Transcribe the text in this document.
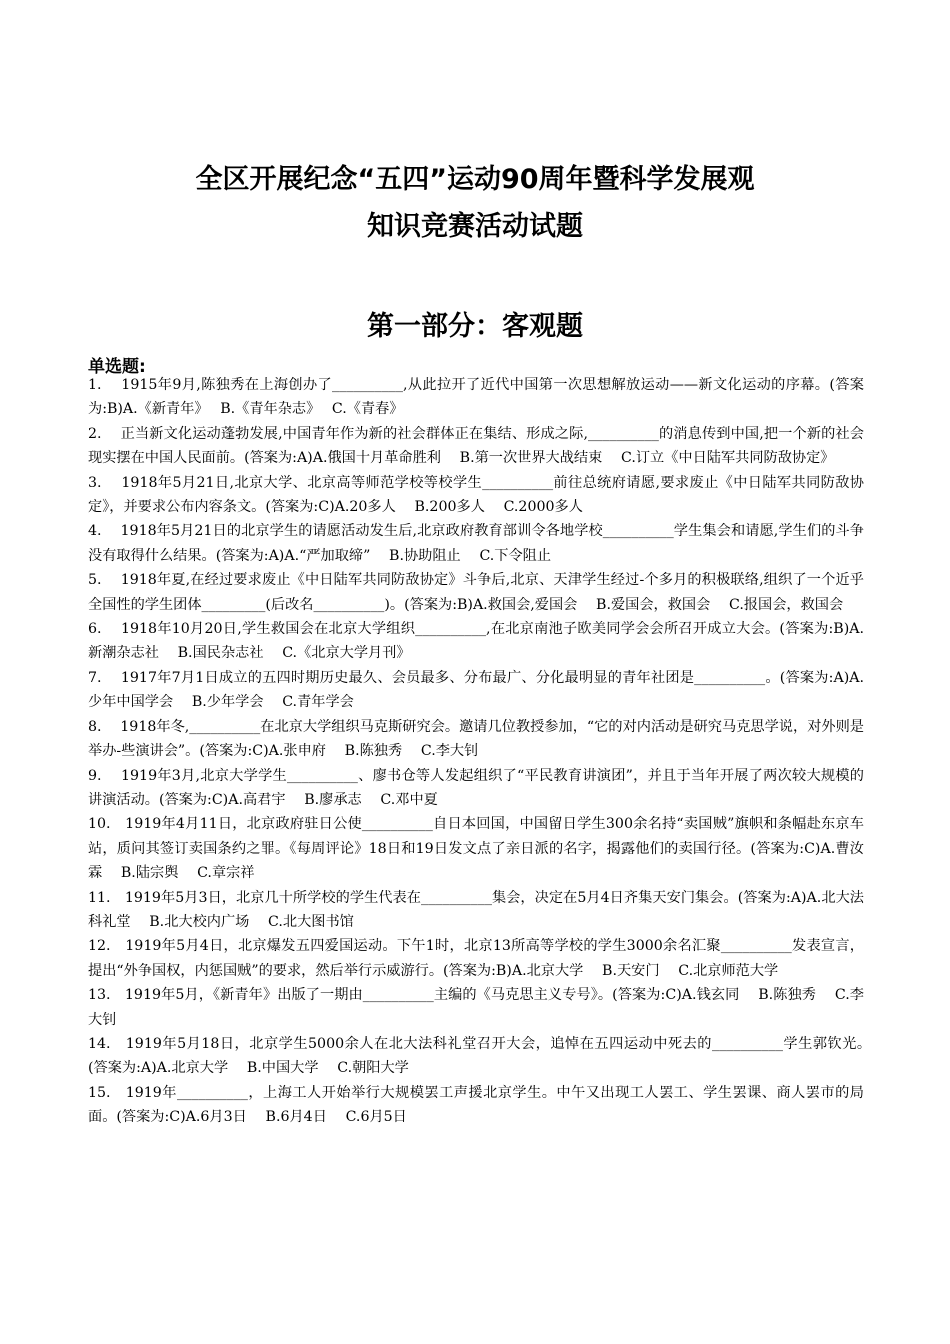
全区开展纪念“五四”运动90周年暨科学发展观
知识竞赛活动试题
第一部分：客观题
单选题:

1.　 1915年9月,陈独秀在上海创办了__________,从此拉开了近代中国第一次思想解放运动——新文化运动的序幕。(答案为:B)A.《新青年》　 B.《青年杂志》　 C.《青春》

2.　 正当新文化运动蓬勃发展,中国青年作为新的社会群体正在集结、形成之际,__________的消息传到中国,把一个新的社会现实摆在中国人民面前。(答案为:A)A.俄国十月革命胜利　 B.第一次世界大战结束　 C.订立《中日陆军共同防敌协定》

3.　 1918年5月21日,北京大学、北京高等师范学校等校学生__________前往总统府请愿,要求废止《中日陆军共同防敌协定》，并要求公布内容条文。(答案为:C)A.20多人　 B.200多人　 C.2000多人

4.　 1918年5月21日的北京学生的请愿活动发生后,北京政府教育部训令各地学校__________学生集会和请愿,学生们的斗争没有取得什么结果。(答案为:A)A.“严加取缔”　 B.协助阻止　 C.下令阻止

5.　 1918年夏,在经过要求废止《中日陆军共同防敌协定》斗争后,北京、天津学生经过-个多月的积极联络,组织了一个近乎全国性的学生团体_________(后改名__________)。(答案为:B)A.救国会,爱国会　 B.爱国会，救国会　 C.报国会，救国会

6.　 1918年10月20日,学生救国会在北京大学组织__________,在北京南池子欧美同学会会所召开成立大会。(答案为:B)A.新潮杂志社　 B.国民杂志社　 C.《北京大学月刊》

7.　 1917年7月1日成立的五四时期历史最久、会员最多、分布最广、分化最明显的青年社团是__________。(答案为:A)A.少年中国学会　 B.少年学会　 C.青年学会

8.　 1918年冬,__________在北京大学组织马克斯研究会。邀请几位教授参加，“它的对内活动是研究马克思学说，对外则是举办-些演讲会”。(答案为:C)A.张申府　 B.陈独秀　 C.李大钊

9.　 1919年3月,北京大学学生__________、廖书仓等人发起组织了“平民教育讲演团”，并且于当年开展了两次较大规模的讲演活动。(答案为:C)A.高君宇　 B.廖承志　 C.邓中夏

10.　1919年4月11日，北京政府驻日公使__________自日本回国，中国留日学生300余名持“卖国贼”旗帜和条幅赴东京车站，质问其签订卖国条约之罪。《每周评论》18日和19日发文点了亲日派的名字，揭露他们的卖国行径。(答案为:C)A.曹汝霖　 B.陆宗舆　 C.章宗祥

11.　1919年5月3日，北京几十所学校的学生代表在__________集会，决定在5月4日齐集天安门集会。(答案为:A)A.北大法科礼堂　 B.北大校内广场　 C.北大图书馆

12.　1919年5月4日，北京爆发五四爱国运动。下午1时，北京13所高等学校的学生3000余名汇聚__________发表宣言，提出“外争国权，内惩国贼”的要求，然后举行示威游行。(答案为:B)A.北京大学　 B.天安门　 C.北京师范大学

13.　1919年5月，《新青年》出版了一期由__________主编的《马克思主义专号》。(答案为:C)A.钱玄同　 B.陈独秀　 C.李大钊

14.　1919年5月18日，北京学生5000余人在北大法科礼堂召开大会，追悼在五四运动中死去的__________学生郭钦光。　(答案为:A)A.北京大学　 B.中国大学　 C.朝阳大学

15.　1919年__________，上海工人开始举行大规模罢工声援北京学生。中午又出现工人罢工、学生罢课、商人罢市的局面。(答案为:C)A.6月3日　 B.6月4日　 C.6月5日
